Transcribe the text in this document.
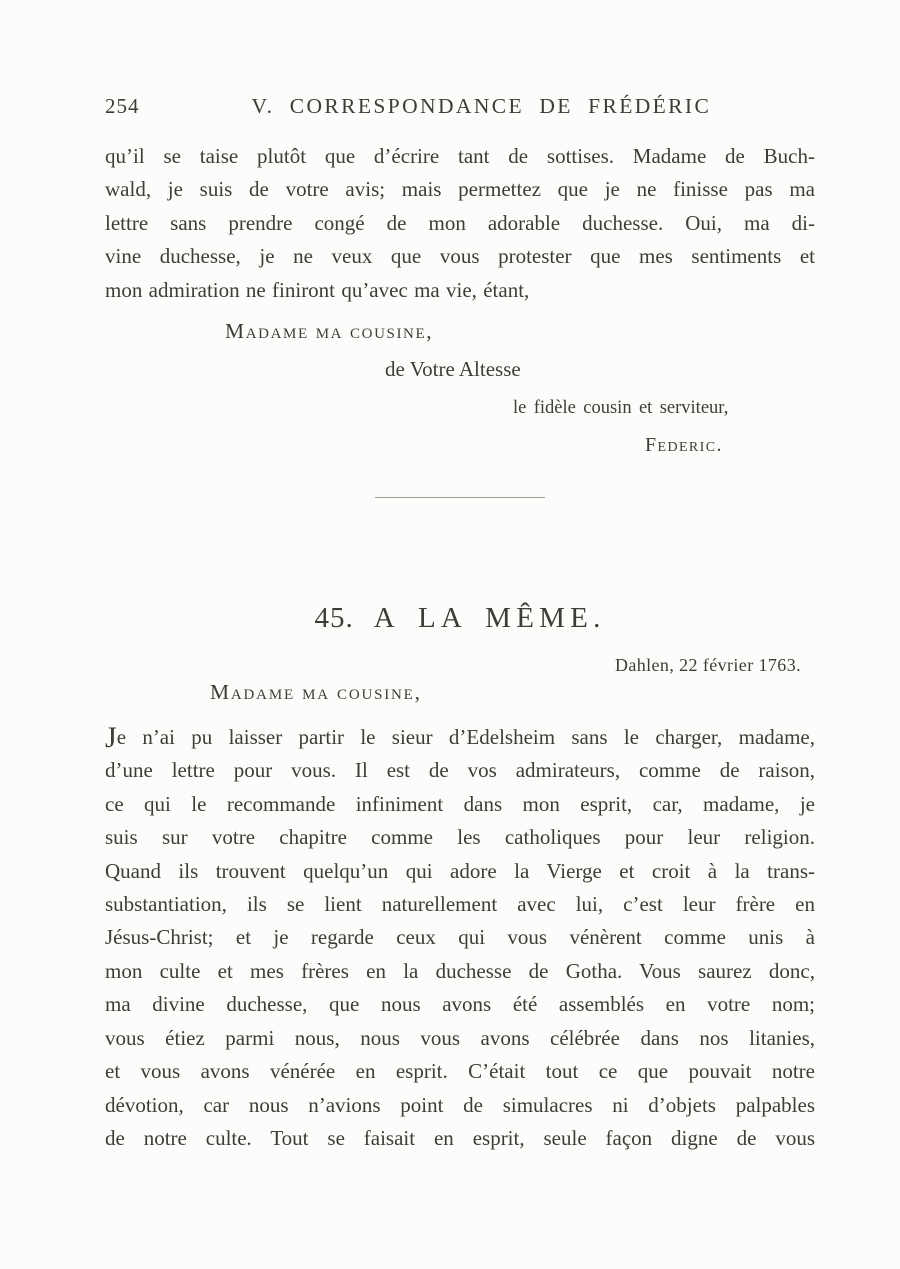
254	V. CORRESPONDANCE DE FRÉDÉRIC
qu’il se taise plutôt que d’écrire tant de sottises. Madame de Buch-
wald, je suis de votre avis; mais permettez que je ne finisse pas ma
lettre sans prendre congé de mon adorable duchesse. Oui, ma di-
vine duchesse, je ne veux que vous protester que mes sentiments et
mon admiration ne finiront qu’avec ma vie, étant,
Madame ma cousine,
de Votre Altesse
le fidèle cousin et serviteur,
Federic.
45. A LA MÊME.
Dahlen, 22 février 1763.
Madame ma cousine,
Je n’ai pu laisser partir le sieur d’Edelsheim sans le charger, madame,
d’une lettre pour vous. Il est de vos admirateurs, comme de raison,
ce qui le recommande infiniment dans mon esprit, car, madame, je
suis sur votre chapitre comme les catholiques pour leur religion.
Quand ils trouvent quelqu’un qui adore la Vierge et croit à la trans-
substantiation, ils se lient naturellement avec lui, c’est leur frère en
Jésus-Christ; et je regarde ceux qui vous vénèrent comme unis à
mon culte et mes frères en la duchesse de Gotha. Vous saurez donc,
ma divine duchesse, que nous avons été assemblés en votre nom;
vous étiez parmi nous, nous vous avons célébrée dans nos litanies,
et vous avons vénérée en esprit. C’était tout ce que pouvait notre
dévotion, car nous n’avions point de simulacres ni d’objets palpables
de notre culte. Tout se faisait en esprit, seule façon digne de vous
